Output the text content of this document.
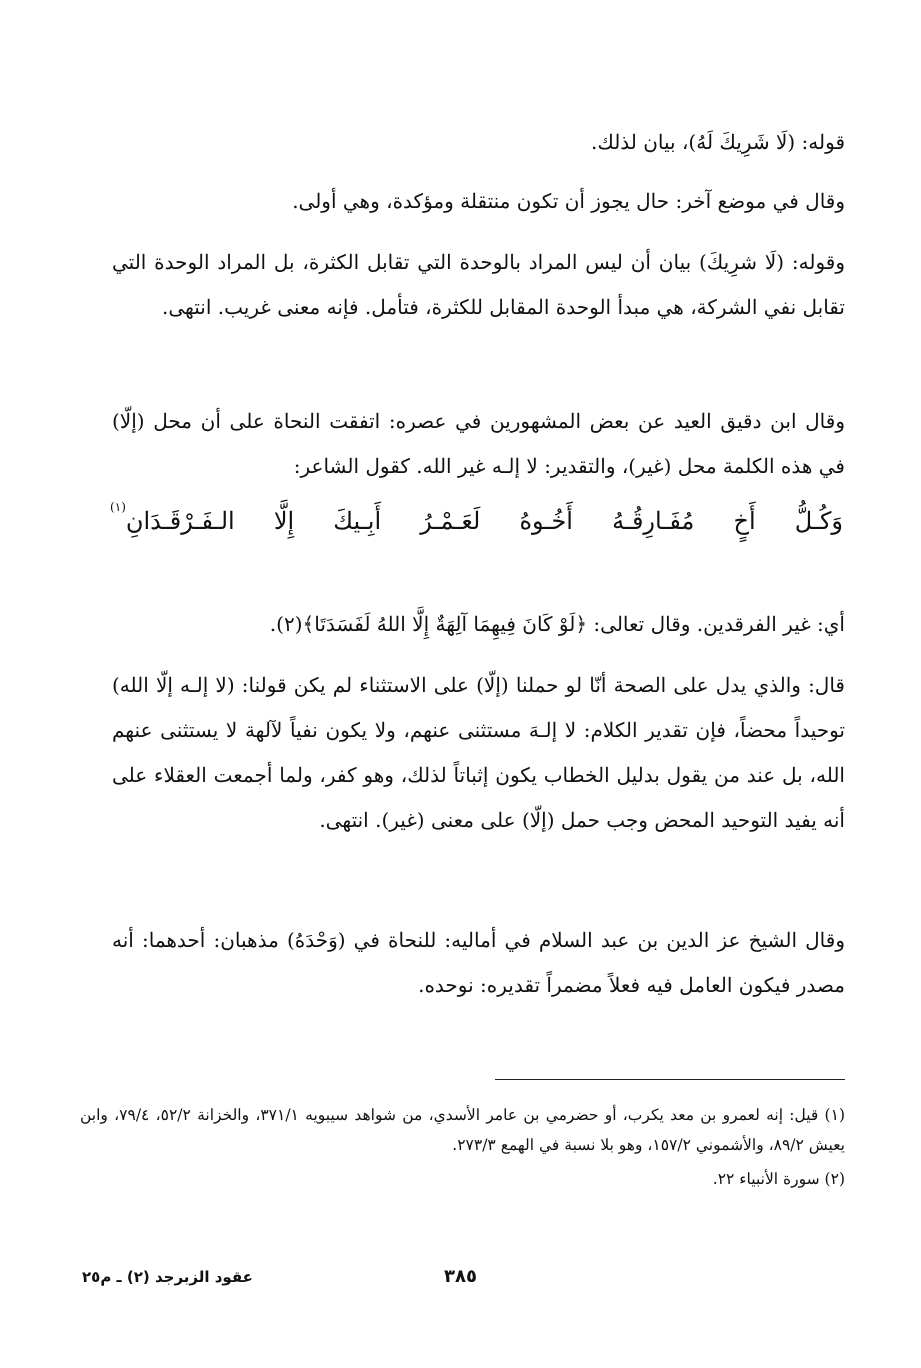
قوله: (لَا شَرِيكَ لَهُ)، بيان لذلك.

وقال في موضع آخر: حال يجوز أن تكون منتقلة ومؤكدة، وهي أولى.

وقوله: (لَا شرِيكَ) بيان أن ليس المراد بالوحدة التي تقابل الكثرة، بل المراد الوحدة التي تقابل نفي الشركة، هي مبدأ الوحدة المقابل للكثرة، فتأمل. فإنه معنى غريب. انتهى.

وقال ابن دقيق العيد عن بعض المشهورين في عصره: اتفقت النحاة على أن محل (إلّا) في هذه الكلمة محل (غير)، والتقدير: لا إلـه غير الله. كقول الشاعر:

وَكُـلُّ
أَخٍ
مُفَـارِقُـهُ
أَخُـوهُ
لَعَـمْـرُ
أَبِـيكَ
إِلَّا
الـفَـرْقَـدَانِ(١)

أي: غير الفرقدين. وقال تعالى: ﴿لَوْ كَانَ فِيهِمَا آلِهَةٌ إِلَّا اللهُ لَفَسَدَتَا﴾(٢).

قال: والذي يدل على الصحة أنّا لو حملنا (إلّا) على الاستثناء لم يكن قولنا: (لا إلـه إلّا الله) توحيداً محضاً، فإن تقدير الكلام: لا إلـهَ مستثنى عنهم، ولا يكون نفياً لآلهة لا يستثنى عنهم الله، بل عند من يقول بدليل الخطاب يكون إثباتاً لذلك، وهو كفر، ولما أجمعت العقلاء على أنه يفيد التوحيد المحض وجب حمل (إلّا) على معنى (غير). انتهى.

وقال الشيخ عز الدين بن عبد السلام في أماليه: للنحاة في (وَحْدَهُ) مذهبان: أحدهما: أنه مصدر فيكون العامل فيه فعلاً مضمراً تقديره: نوحده.

(١) قيل: إنه لعمرو بن معد يكرب، أو حضرمي بن عامر الأسدي، من شواهد سيبويه ٣٧١/١، والخزانة ٥٢/٢، ٧٩/٤، وابن يعيش ٨٩/٢، والأشموني ١٥٧/٢، وهو بلا نسبة في الهمع ٢٧٣/٣.

(٢) سورة الأنبياء ٢٢.

٣٨٥
عقود الزبرجد (٢) ـ م٢٥
